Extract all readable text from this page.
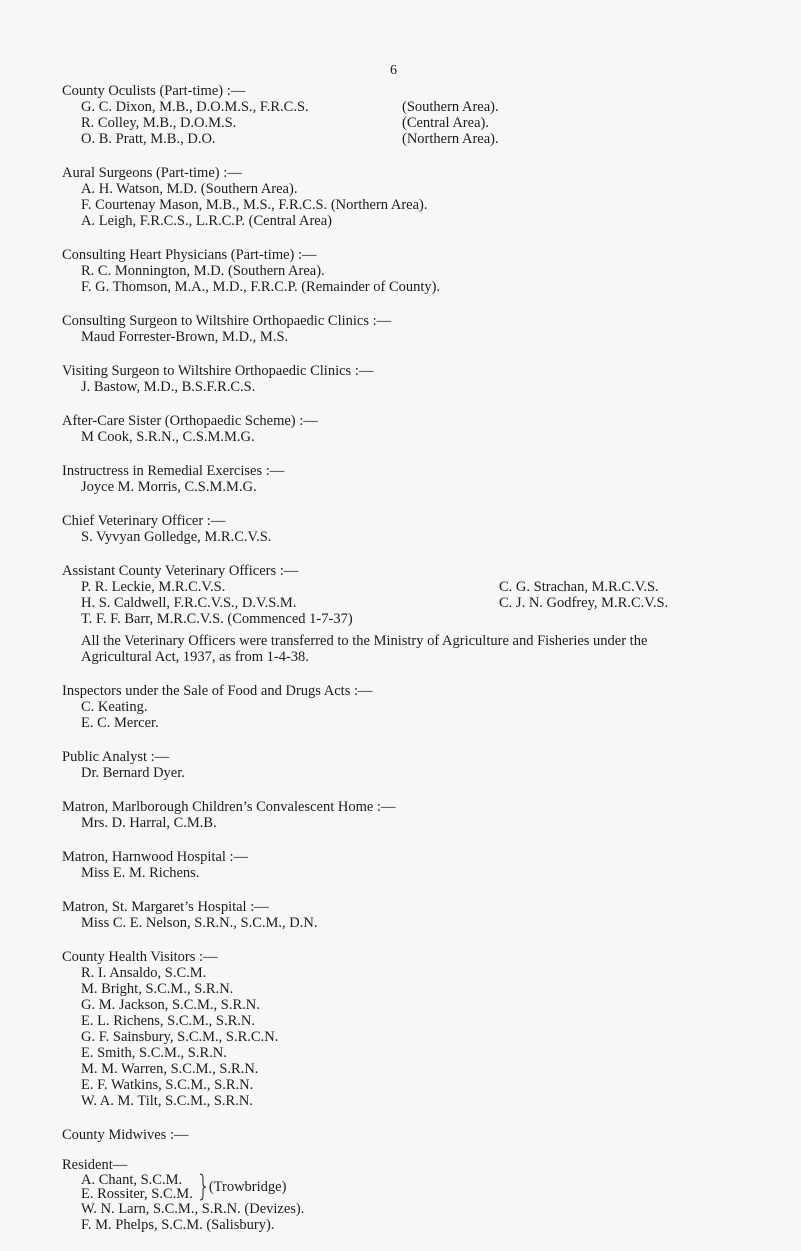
6
County Oculists (Part-time) :—
G. C. Dixon, M.B., D.O.M.S., F.R.C.S.	(Southern Area).
R. Colley, M.B., D.O.M.S.	(Central Area).
O. B. Pratt, M.B., D.O.	(Northern Area).
Aural Surgeons (Part-time) :—
A. H. Watson, M.D. (Southern Area).
F. Courtenay Mason, M.B., M.S., F.R.C.S. (Northern Area).
A. Leigh, F.R.C.S., L.R.C.P. (Central Area)
Consulting Heart Physicians (Part-time) :—
R. C. Monnington, M.D. (Southern Area).
F. G. Thomson, M.A., M.D., F.R.C.P. (Remainder of County).
Consulting Surgeon to Wiltshire Orthopaedic Clinics :—
Maud Forrester-Brown, M.D., M.S.
Visiting Surgeon to Wiltshire Orthopaedic Clinics :—
J. Bastow, M.D., B.S.F.R.C.S.
After-Care Sister (Orthopaedic Scheme) :—
M Cook, S.R.N., C.S.M.M.G.
Instructress in Remedial Exercises :—
Joyce M. Morris, C.S.M.M.G.
Chief Veterinary Officer :—
S. Vyvyan Golledge, M.R.C.V.S.
Assistant County Veterinary Officers :—
P. R. Leckie, M.R.C.V.S.	C. G. Strachan, M.R.C.V.S.
H. S. Caldwell, F.R.C.V.S., D.V.S.M.	C. J. N. Godfrey, M.R.C.V.S.
T. F. F. Barr, M.R.C.V.S. (Commenced 1-7-37)
All the Veterinary Officers were transferred to the Ministry of Agriculture and Fisheries under the
Agricultural Act, 1937, as from 1-4-38.
Inspectors under the Sale of Food and Drugs Acts :—
C. Keating.
E. C. Mercer.
Public Analyst :—
Dr. Bernard Dyer.
Matron, Marlborough Children’s Convalescent Home :—
Mrs. D. Harral, C.M.B.
Matron, Harnwood Hospital :—
Miss E. M. Richens.
Matron, St. Margaret’s Hospital :—
Miss C. E. Nelson, S.R.N., S.C.M., D.N.
County Health Visitors :—
R. I. Ansaldo, S.C.M.
M. Bright, S.C.M., S.R.N.
G. M. Jackson, S.C.M., S.R.N.
E. L. Richens, S.C.M., S.R.N.
G. F. Sainsbury, S.C.M., S.R.C.N.
E. Smith, S.C.M., S.R.N.
M. M. Warren, S.C.M., S.R.N.
E. F. Watkins, S.C.M., S.R.N.
W. A. M. Tilt, S.C.M., S.R.N.
County Midwives :—
Resident—
A. Chant, S.C.M.
E. Rossiter, S.C.M. (Trowbridge)
W. N. Larn, S.C.M., S.R.N. (Devizes).
F. M. Phelps, S.C.M. (Salisbury).
